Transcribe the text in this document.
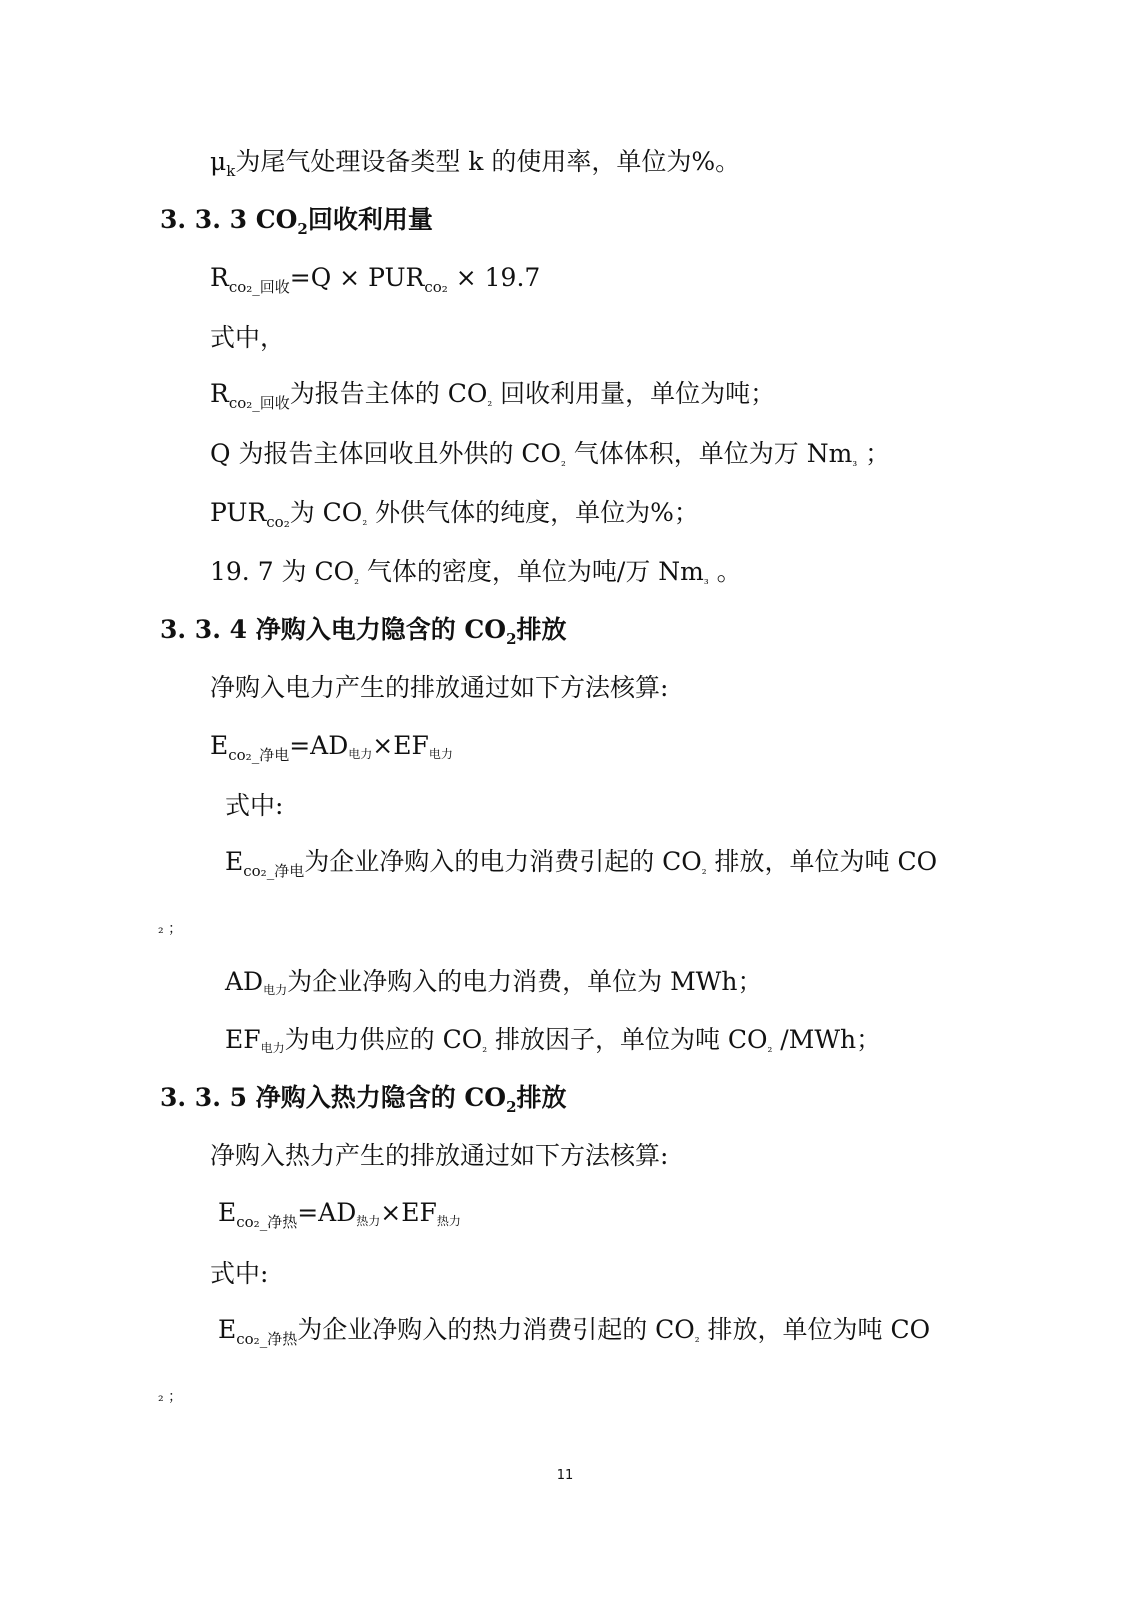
$\mu_k$为尾气处理设备类型 k 的使用率，单位为%。
3. 3. 3 $CO_2$回收利用量
$R_{co_2\_回收}=Q \times PUR_{co_2} \times 19.7$
式中，
$R_{co_2\_回收}$为报告主体的 $CO_{_2}$ 回收利用量，单位为吨；
Q 为报告主体回收且外供的 $CO_{_2}$ 气体体积，单位为万 $Nm_{_3}$ ；
$PUR_{co_2}$为 $CO_{_2}$ 外供气体的纯度，单位为%；
19. 7 为 $CO_{_2}$ 气体的密度，单位为吨/万 $Nm_{_3}$ 。
3. 3. 4 净购入电力隐含的 $CO_2$排放
净购入电力产生的排放通过如下方法核算:
$E_{co_2\_净电}=AD_{电力}\times EF_{电力}$
式中:
$E_{co_2\_净电}$为企业净购入的电力消费引起的 $CO_{_2}$ 排放，单位为吨 CO
₂ ；
$AD_{电力}$为企业净购入的电力消费，单位为 MWh；
$EF_{电力}$为电力供应的 $CO_{_2}$ 排放因子，单位为吨 $CO_{_2}$ /MWh；
3. 3. 5 净购入热力隐含的 $CO_2$排放
净购入热力产生的排放通过如下方法核算:
$E_{co_2\_净热}=AD_{热力}\times EF_{热力}$
式中:
$E_{co_2\_净热}$为企业净购入的热力消费引起的 $CO_{_2}$ 排放，单位为吨 CO
₂ ；
11
